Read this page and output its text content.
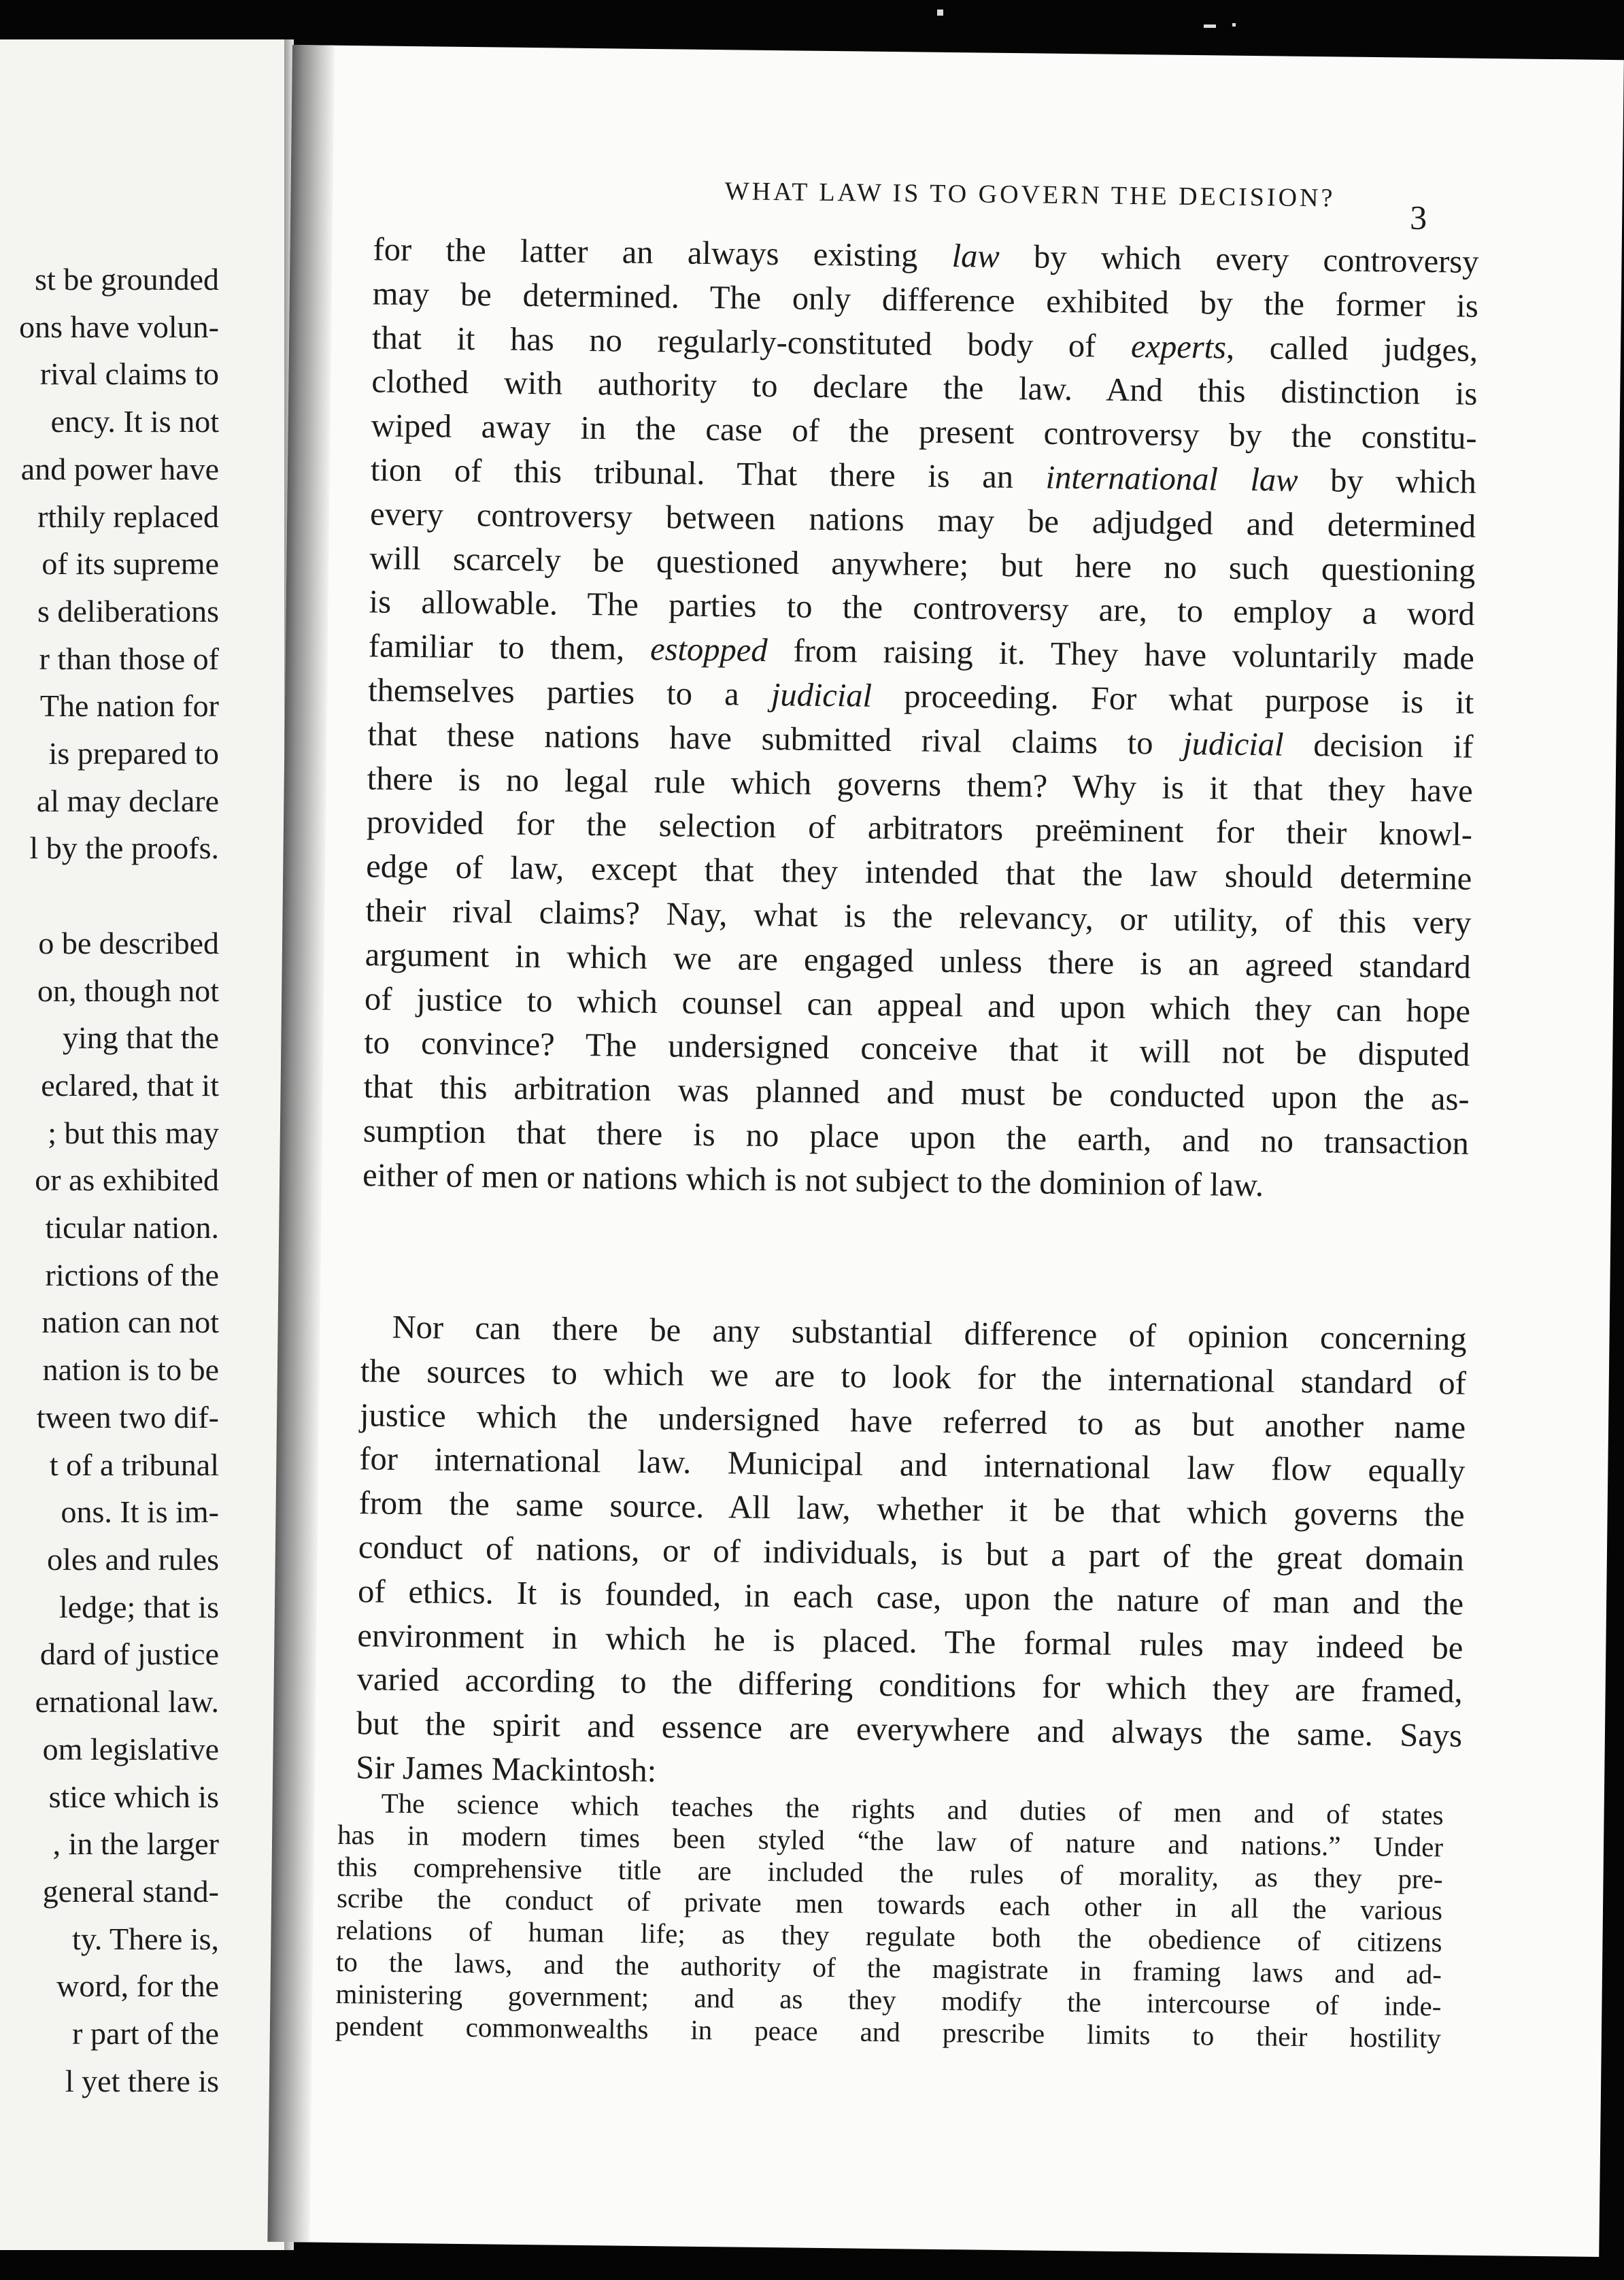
st be grounded
ons have volun-
rival claims to
ency. It is not
and power have
rthily replaced
of its supreme
s deliberations
r than those of
The nation for
is prepared to
al may declare
l by the proofs.

o be described
on, though not
ying that the
eclared, that it
; but this may
or as exhibited
ticular nation.
rictions of the
nation can not
nation is to be
tween two dif-
t of a tribunal
ons. It is im-
oles and rules
ledge; that is
dard of justice
ernational law.
om legislative
stice which is
, in the larger
general stand-
ty. There is,
word, for the
r part of the
l yet there is
WHAT LAW IS TO GOVERN THE DECISION?
3

for the latter an always existing law by which every controversy
may be determined. The only difference exhibited by the former is
that it has no regularly-constituted body of experts, called judges,
clothed with authority to declare the law. And this distinction is
wiped away in the case of the present controversy by the constitu-
tion of this tribunal. That there is an international law by which
every controversy between nations may be adjudged and determined
will scarcely be questioned anywhere; but here no such questioning
is allowable. The parties to the controversy are, to employ a word
familiar to them, estopped from raising it. They have voluntarily made
themselves parties to a judicial proceeding. For what purpose is it
that these nations have submitted rival claims to judicial decision if
there is no legal rule which governs them? Why is it that they have
provided for the selection of arbitrators preëminent for their knowl-
edge of law, except that they intended that the law should determine
their rival claims? Nay, what is the relevancy, or utility, of this very
argument in which we are engaged unless there is an agreed standard
of justice to which counsel can appeal and upon which they can hope
to convince? The undersigned conceive that it will not be disputed
that this arbitration was planned and must be conducted upon the as-
sumption that there is no place upon the earth, and no transaction
either of men or nations which is not subject to the dominion of law.

Nor can there be any substantial difference of opinion concerning
the sources to which we are to look for the international standard of
justice which the undersigned have referred to as but another name
for international law. Municipal and international law flow equally
from the same source. All law, whether it be that which governs the
conduct of nations, or of individuals, is but a part of the great domain
of ethics. It is founded, in each case, upon the nature of man and the
environment in which he is placed. The formal rules may indeed be
varied according to the differing conditions for which they are framed,
but the spirit and essence are everywhere and always the same. Says
Sir James Mackintosh:

The science which teaches the rights and duties of men and of states
has in modern times been styled “the law of nature and nations.” Under
this comprehensive title are included the rules of morality, as they pre-
scribe the conduct of private men towards each other in all the various
relations of human life; as they regulate both the obedience of citizens
to the laws, and the authority of the magistrate in framing laws and ad-
ministering government; and as they modify the intercourse of inde-
pendent commonwealths in peace and prescribe limits to their hostility
